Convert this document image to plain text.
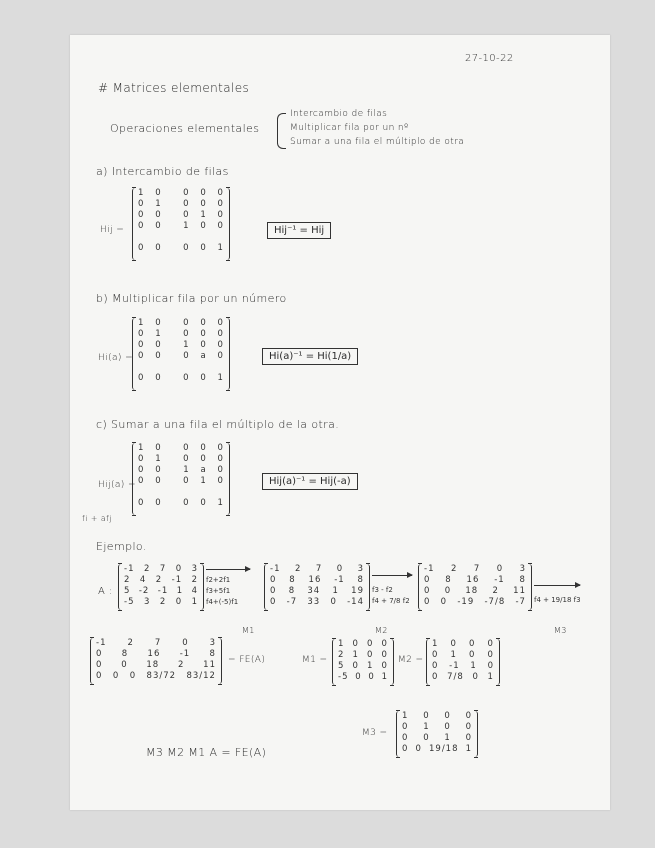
27-10-22
# Matrices elementales
Operaciones elementales
Intercambio de filas
Multiplicar fila por un nº
Sumar a una fila el múltiplo de otra
a) Intercambio de filas
Hij =
1 0	0 0 0
0 1	0 0 0
0 0	0 1 0
0 0	1 0 0
0 0	0 0 1
Hij⁻¹ = Hij
b) Multiplicar fila por un número
Hi(a) =
1 0	0 0 0
0 1	0 0 0
0 0	1 0 0
0 0	0 a 0
0 0	0 0 1
Hi(a)⁻¹ = Hi(1/a)
c) Sumar a una fila el múltiplo de la otra.
Hij(a) =
fi + afj
1 0	0 0 0
0 1	0 0 0
0 0	1 a 0
0 0	0 1 0
0 0	0 0 1
Hij(a)⁻¹ = Hij(-a)
Ejemplo.
A :
-1 2 7 0 3
2 4 2 -1 2
5 -2 -1 1 4
-5 3 2 0 1
f2+2f1
f3+5f1
f4+(-5)f1
M1
-1 2 7 0 3
0 8 16 -1 8
0 8 34 1 19
0 -7 33 0 -14
f3 - f2
f4 + 7/8 f2
M2
-1 2 7 0 3
0 8 16 -1 8
0 0 18 2 11
0 0 -19 -7/8 -7 f4 + 19/18 f3
M3
-1 2 7 0 3
0 8 16 -1 8
0 0 18 2 11
0 0 0 83/72 83/12
= FE(A)	M1 =
1 0 0 0
2 1 0 0
5 0 1 0
-5 0 0 1
M2 =
1 0 0 0
0 1 0 0
0 -1 1 0
0 7/8 0 1
M3 =
1 0 0 0
0 1 0 0
0 0 1 0
0 0 19/18 1
M3 M2 M1 A = FE(A)
